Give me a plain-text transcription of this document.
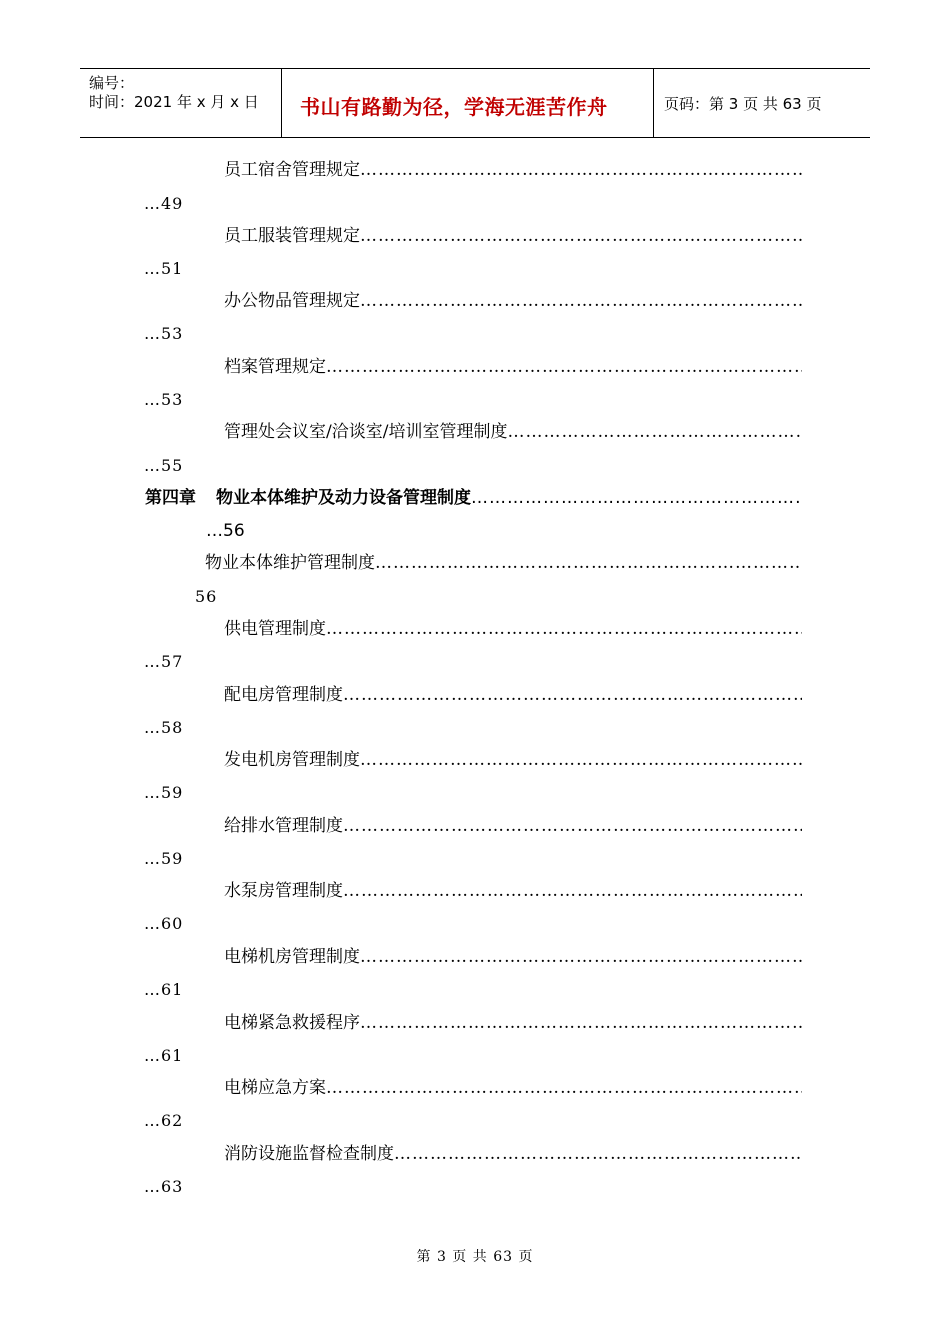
编号：
时间：2021 年 x 月 x 日 书山有路勤为径，学海无涯苦作舟	页码：第 3 页 共 63 页
员工宿舍管理规定
…………………………………………………………………………………………………………………………………………………………………
…49
员工服装管理规定
…………………………………………………………………………………………………………………………………………………………………
…51
办公物品管理规定
…………………………………………………………………………………………………………………………………………………………………
…53
档案管理规定
…………………………………………………………………………………………………………………………………………………………………
…53
管理处会议室/洽谈室/培训室管理制度
…………………………………………………………………………………………………………………………………………………………………
…55
第四章 物业本体维护及动力设备管理制度
…………………………………………………………………………………………………………………………………………………………………
…56
物业本体维护管理制度
…………………………………………………………………………………………………………………………………………………………………
56
供电管理制度
…………………………………………………………………………………………………………………………………………………………………
…57
配电房管理制度
…………………………………………………………………………………………………………………………………………………………………
…58
发电机房管理制度
…………………………………………………………………………………………………………………………………………………………………
…59
给排水管理制度
…………………………………………………………………………………………………………………………………………………………………
…59
水泵房管理制度
…………………………………………………………………………………………………………………………………………………………………
…60
电梯机房管理制度
…………………………………………………………………………………………………………………………………………………………………
…61
电梯紧急救援程序
…………………………………………………………………………………………………………………………………………………………………
…61
电梯应急方案
…………………………………………………………………………………………………………………………………………………………………
…62
消防设施监督检查制度
…………………………………………………………………………………………………………………………………………………………………
…63
第 3 页 共 63 页
